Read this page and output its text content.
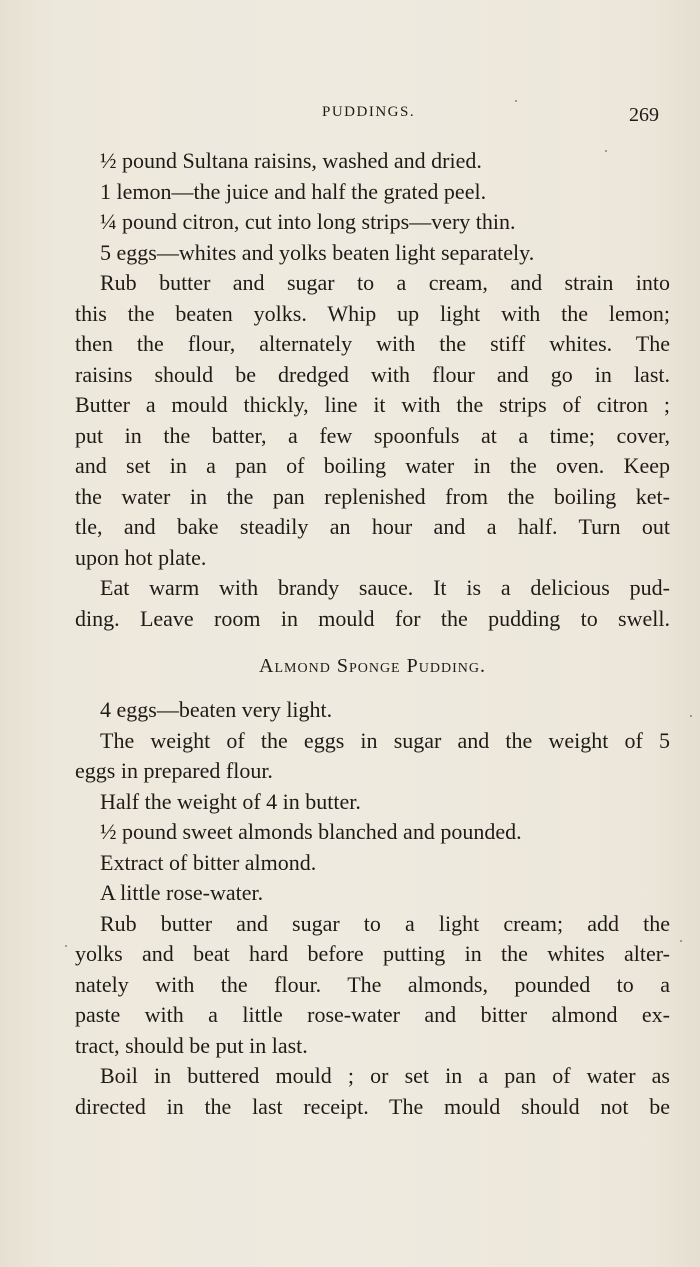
PUDDINGS.	269
½ pound Sultana raisins, washed and dried.
1 lemon—the juice and half the grated peel.
¼ pound citron, cut into long strips—very thin.
5 eggs—whites and yolks beaten light separately.
Rub butter and sugar to a cream, and strain into
this the beaten yolks. Whip up light with the lemon;
then the flour, alternately with the stiff whites. The
raisins should be dredged with flour and go in last.
Butter a mould thickly, line it with the strips of citron ;
put in the batter, a few spoonfuls at a time; cover,
and set in a pan of boiling water in the oven. Keep
the water in the pan replenished from the boiling ket-
tle, and bake steadily an hour and a half. Turn out
upon hot plate.
Eat warm with brandy sauce. It is a delicious pud-
ding. Leave room in mould for the pudding to swell.
Almond Sponge Pudding.
4 eggs—beaten very light.
The weight of the eggs in sugar and the weight of 5
eggs in prepared flour.
Half the weight of 4 in butter.
½ pound sweet almonds blanched and pounded.
Extract of bitter almond.
A little rose-water.
Rub butter and sugar to a light cream; add the
yolks and beat hard before putting in the whites alter-
nately with the flour. The almonds, pounded to a
paste with a little rose-water and bitter almond ex-
tract, should be put in last.
Boil in buttered mould ; or set in a pan of water as
directed in the last receipt. The mould should not be
